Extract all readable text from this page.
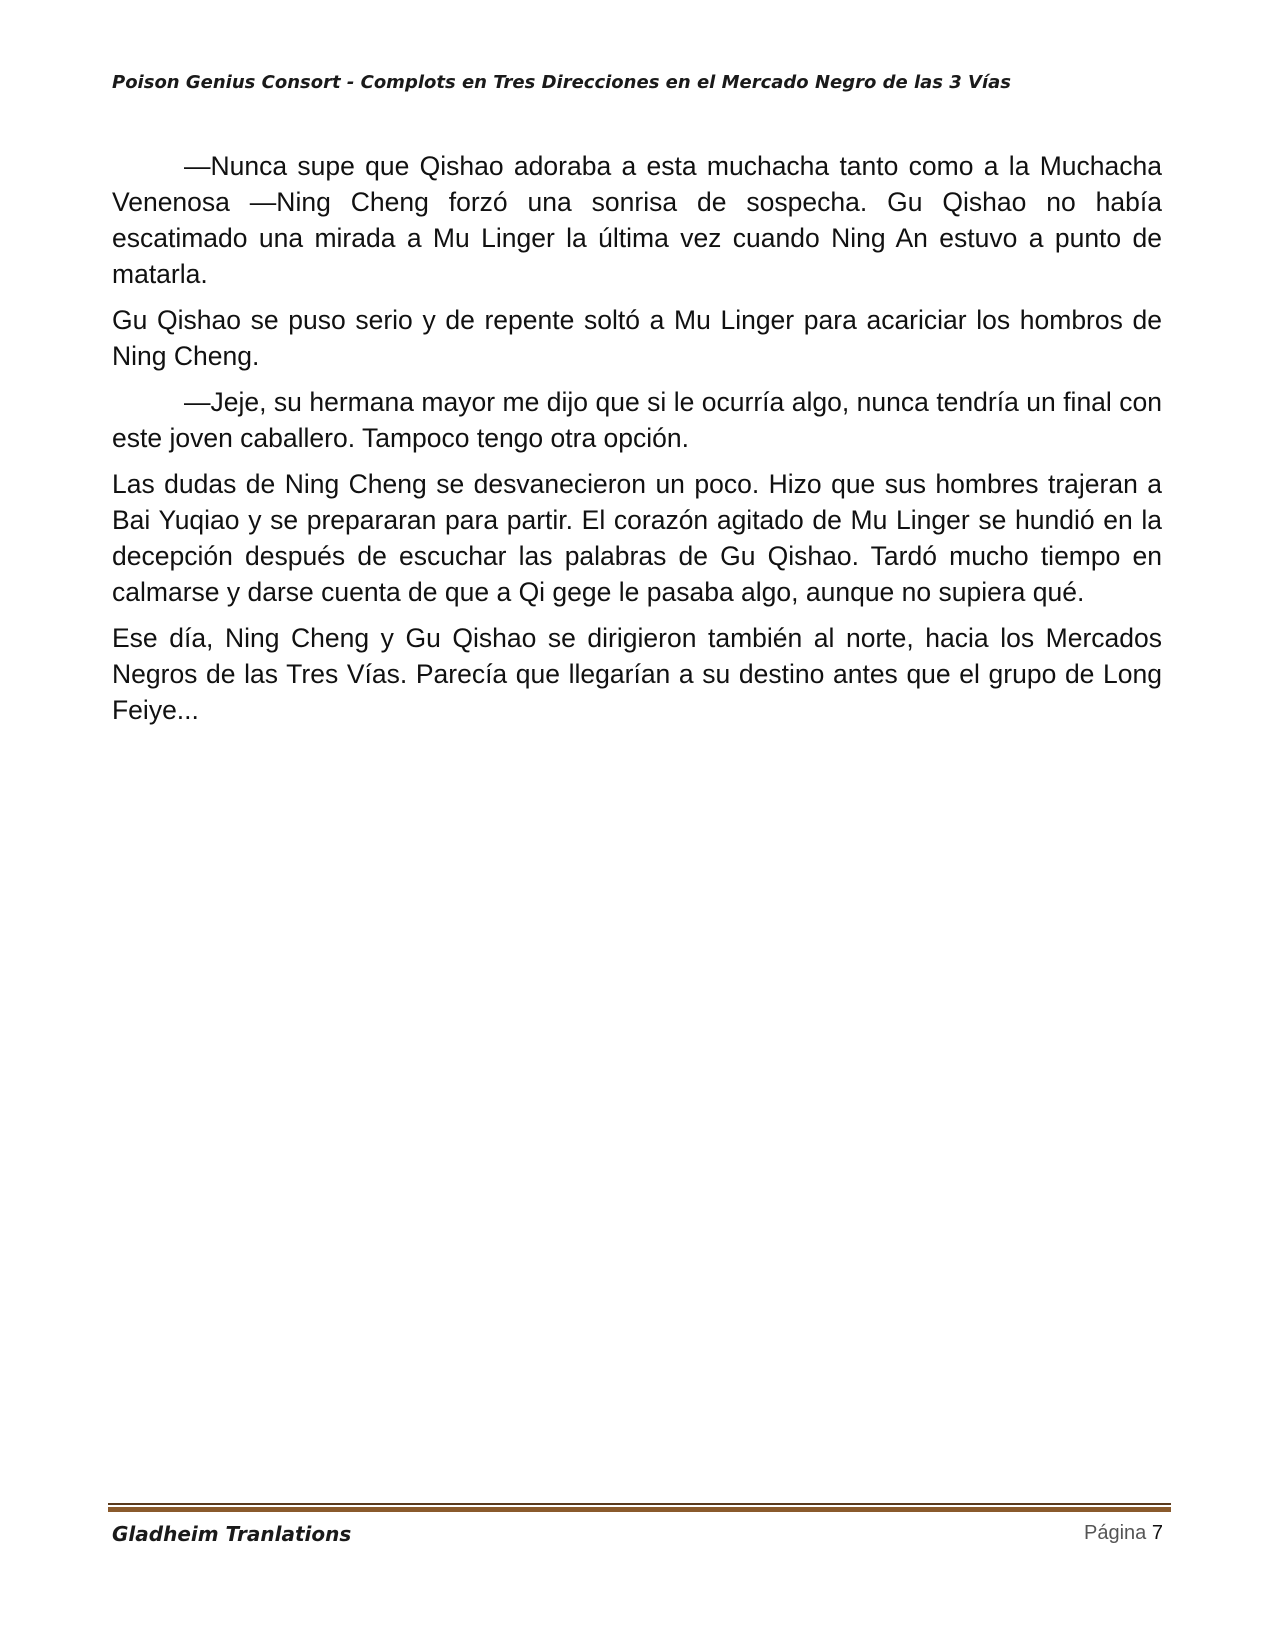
Poison Genius Consort - Complots en Tres Direcciones en el Mercado Negro de las 3 Vías

—Nunca supe que Qishao adoraba a esta muchacha tanto como a la Muchacha Venenosa —Ning Cheng forzó una sonrisa de sospecha. Gu Qishao no había escatimado una mirada a Mu Linger la última vez cuando Ning An estuvo a punto de matarla.

Gu Qishao se puso serio y de repente soltó a Mu Linger para acariciar los hombros de Ning Cheng.

—Jeje, su hermana mayor me dijo que si le ocurría algo, nunca tendría un final con este joven caballero. Tampoco tengo otra opción.

Las dudas de Ning Cheng se desvanecieron un poco. Hizo que sus hombres trajeran a Bai Yuqiao y se prepararan para partir. El corazón agitado de Mu Linger se hundió en la decepción después de escuchar las palabras de Gu Qishao. Tardó mucho tiempo en calmarse y darse cuenta de que a Qi gege le pasaba algo, aunque no supiera qué.

Ese día, Ning Cheng y Gu Qishao se dirigieron también al norte, hacia los Mercados Negros de las Tres Vías. Parecía que llegarían a su destino antes que el grupo de Long Feiye...

Gladheim Tranlations	Página 7
